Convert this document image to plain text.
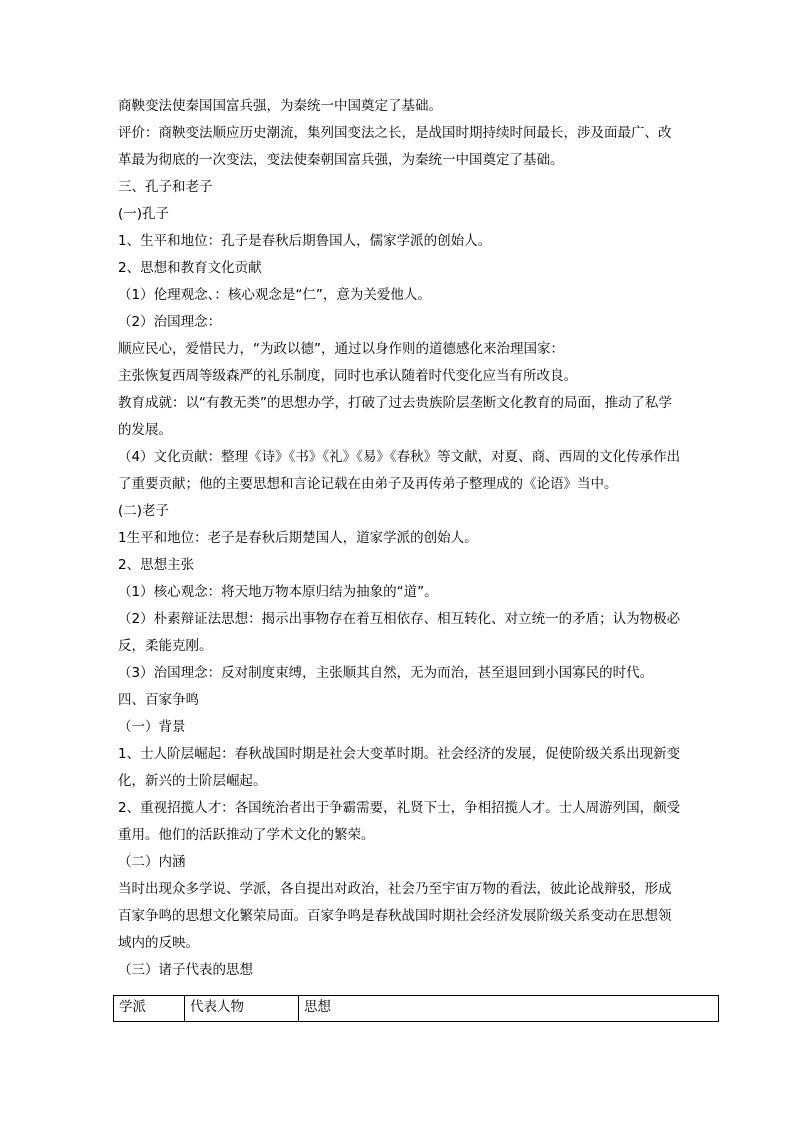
商鞅变法使秦国国富兵强，为秦统一中国奠定了基础。
评价：商鞅变法顺应历史潮流，集列国变法之长，是战国时期持续时间最长，涉及面最广、改革最为彻底的一次变法，变法使秦朝国富兵强，为秦统一中国奠定了基础。
三、孔子和老子
(一)孔子
1、生平和地位：孔子是春秋后期鲁国人，儒家学派的创始人。
2、思想和教育文化贡献
（1）伦理观念、：核心观念是“仁”，意为关爱他人。
（2）治国理念：
顺应民心，爱惜民力，“为政以德”，通过以身作则的道德感化来治理国家：
主张恢复西周等级森严的礼乐制度，同时也承认随着时代变化应当有所改良。
教育成就：以“有教无类”的思想办学，打破了过去贵族阶层垄断文化教育的局面，推动了私学的发展。
（4）文化贡献：整理《诗》《书》《礼》《易》《春秋》等文献，对夏、商、西周的文化传承作出了重要贡献；他的主要思想和言论记载在由弟子及再传弟子整理成的《论语》当中。
(二)老子
1生平和地位：老子是春秋后期楚国人，道家学派的创始人。
2、思想主张
（1）核心观念：将天地万物本原归结为抽象的“道”。
（2）朴素辩证法思想：揭示出事物存在着互相依存、相互转化、对立统一的矛盾；认为物极必反，柔能克刚。
（3）治国理念：反对制度束缚，主张顺其自然，无为而治，甚至退回到小国寡民的时代。
四、百家争鸣
（一）背景
1、士人阶层崛起：春秋战国时期是社会大变革时期。社会经济的发展，促使阶级关系出现新变化，新兴的士阶层崛起。
2、重视招揽人才：各国统治者出于争霸需要，礼贤下士，争相招揽人才。士人周游列国，颇受重用。他们的活跃推动了学术文化的繁荣。
（二）内涵
当时出现众多学说、学派，各自提出对政治，社会乃至宇宙万物的看法，彼此论战辩驳，形成百家争鸣的思想文化繁荣局面。百家争鸣是春秋战国时期社会经济发展阶级关系变动在思想领域内的反映。
（三）诸子代表的思想
学派	代表人物	思想
